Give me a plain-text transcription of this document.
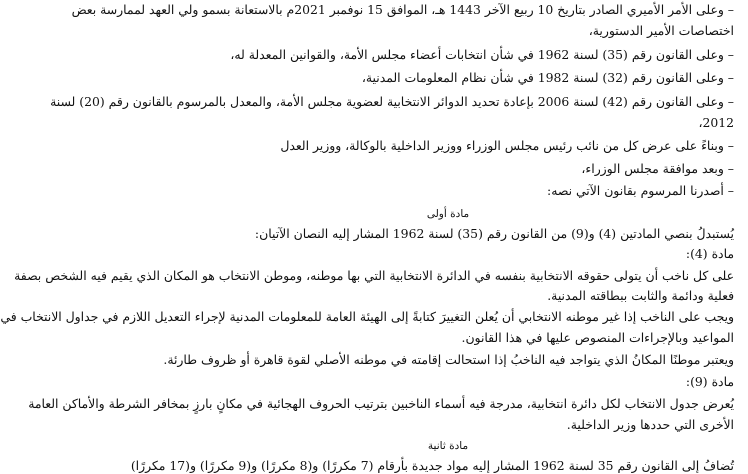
– وعلى الأمر الأميري الصادر بتاريخ 10 ربيع الآخر 1443 هـ، الموافق 15 نوفمبر 2021م بالاستعانة بسمو ولي العهد لممارسة بعض
اختصاصات الأمير الدستورية،
– وعلى القانون رقم (35) لسنة 1962 في شأن انتخابات أعضاء مجلس الأمة، والقوانين المعدلة له،
– وعلى القانون رقم (32) لسنة 1982 في شأن نظام المعلومات المدنية،
– وعلى القانون رقم (42) لسنة 2006 بإعادة تحديد الدوائر الانتخابية لعضوية مجلس الأمة، والمعدل بالمرسوم بالقانون رقم (20) لسنة
2012،
– وبناءً على عرض كل من نائب رئيس مجلس الوزراء ووزير الداخلية بالوكالة، ووزير العدل
– وبعد موافقة مجلس الوزراء،
– أصدرنا المرسوم بقانون الآتي نصه:
مادة أولى
يُستبدلُ بنصي المادتين (4) و(9) من القانون رقم (35) لسنة 1962 المشار إليه النصان الآتيان:
مادة (4):
على كل ناخب أن يتولى حقوقه الانتخابية بنفسه في الدائرة الانتخابية التي بها موطنه، وموطن الانتخاب هو المكان الذي يقيم فيه الشخص بصفة
فعلية ودائمة والثابت ببطاقته المدنية.
ويجب على الناخب إذا غير موطنه الانتخابي أن يُعلن التغييرَ كتابةً إلى الهيئة العامة للمعلومات المدنية لإجراء التعديل اللازم في جداول الانتخاب في
المواعيد وبالإجراءات المنصوص عليها في هذا القانون.
ويعتبر موطنًا المكانُ الذي يتواجد فيه الناخبُ إذا استحالت إقامته في موطنه الأصلي لقوة قاهرة أو ظروف طارئة.
مادة (9):
يُعرض جدول الانتخاب لكل دائرة انتخابية، مدرجة فيه أسماء الناخبين بترتيب الحروف الهجائية في مكانٍ بارزٍ بمخافر الشرطة والأماكن العامة
الأخرى التي حددها وزير الداخلية.
مادة ثانية
تُضافُ إلى القانون رقم 35 لسنة 1962 المشار إليه مواد جديدة بأرقام (7 مكررًا) و(8 مكررًا) و(9 مكررًا) و(17 مكررًا)
